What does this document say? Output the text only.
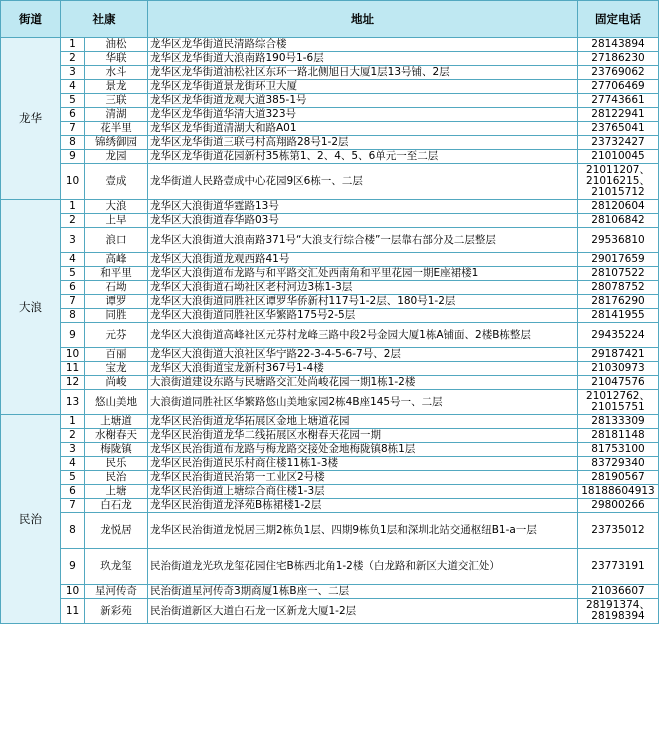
街道	社康		地址	固定电话
龙华	1	油松	龙华区龙华街道民清路综合楼	28143894
	2	华联	龙华区龙华街道大浪南路190号1-6层	27186230
	3	水斗	龙华区龙华街道油松社区东环一路北侧旭日大厦1层13号铺、2层	23769062
	4	景龙	龙华区龙华街道景龙街环卫大厦	27706469
	5	三联	龙华区龙华街道龙观大道385-1号	27743661
	6	清湖	龙华区龙华街道华清大道323号	28122941
	7	花半里	龙华区龙华街道清湖大和路A01	23765041
	8	锦绣御园	龙华区龙华街道三联弓村高翔路28号1-2层	23732427
	9	龙园	龙华区龙华街道花园新村35栋第1、2、4、5、6单元一至二层	21010045
	10	壹成	龙华街道人民路壹成中心花园9区6栋一、二层	21011207、21016215、21015712
大浪	1	大浪	龙华区大浪街道华霆路13号	28120604
	2	上早	龙华区大浪街道春华路03号	28106842
	3	浪口	龙华区大浪街道大浪南路371号“大浪支行综合楼”一层靠右部分及二层整层	29536810
	4	高峰	龙华区大浪街道龙观西路41号	29017659
	5	和平里	龙华区大浪街道布龙路与和平路交汇处西南角和平里花园一期E座裙楼1	28107522
	6	石坳	龙华区大浪街道石坳社区老村河边3栋1-3层	28078752
	7	谭罗	龙华区大浪街道同胜社区谭罗华侨新村117号1-2层、180号1-2层	28176290
	8	同胜	龙华区大浪街道同胜社区华繁路175号2-5层	28141955
	9	元芬	龙华区大浪街道高峰社区元芬村龙峰三路中段2号金园大厦1栋A铺面、2楼B栋整层	29435224
	10	百丽	龙华区大浪街道大浪社区华宁路22-3-4-5-6-7号、2层	29187421
	11	宝龙	龙华区大浪街道宝龙新村367号1-4楼	21030973
	12	尚峻	大浪街道建设东路与民塘路交汇处尚峻花园一期1栋1-2楼	21047576
	13	悠山美地	大浪街道同胜社区华繁路悠山美地家园2栋4B座145号一、二层	21012762、21015751
民治	1	上塘道	龙华区民治街道龙华拓展区金地上塘道花园	28133309
	2	水榭春天	龙华区民治街道龙华二线拓展区水榭春天花园一期	28181148
	3	梅陇镇	龙华区民治街道布龙路与梅龙路交接处金地梅陇镇8栋1层	81753100
	4	民乐	龙华区民治街道民乐村商住楼11栋1-3楼	83729340
	5	民治	龙华区民治街道民治第一工业区2号楼	28190567
	6	上塘	龙华区民治街道上塘综合商住楼1-3层	18188604913
	7	白石龙	龙华区民治街道龙泽苑B栋裙楼1-2层	29800266
	8	龙悦居	龙华区民治街道龙悦居三期2栋负1层、四期9栋负1层和深圳北站交通枢纽B1-a一层	23735012
	9	玖龙玺	民治街道龙光玖龙玺花园住宅B栋西北角1-2楼（白龙路和新区大道交汇处）	23773191
	10	星河传奇	民治街道星河传奇3期商厦1栋B座一、二层	21036607
	11	新彩苑	民治街道新区大道白石龙一区新龙大厦1-2层	28191374、28198394
